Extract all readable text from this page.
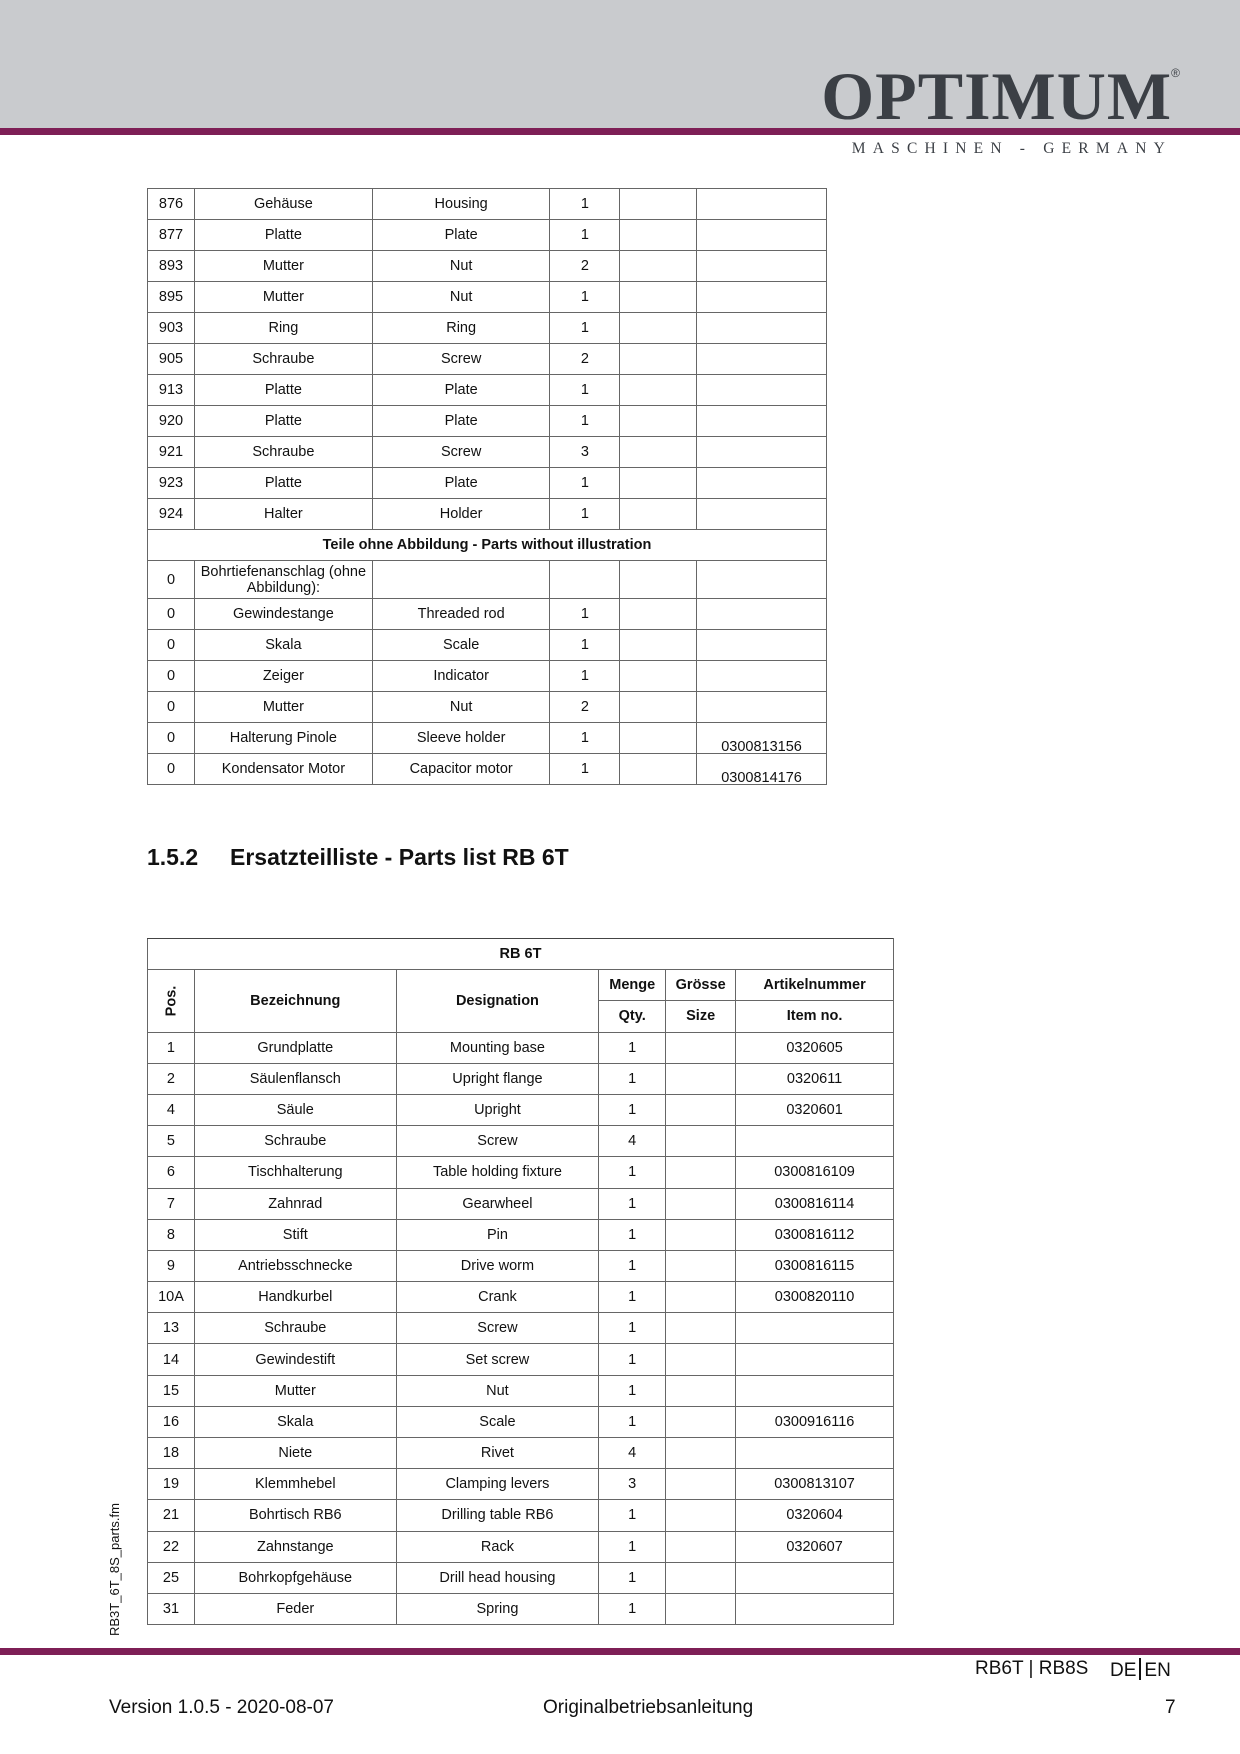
OPTIMUM ®
MASCHINEN - GERMANY
876	Gehäuse	Housing	1		
877	Platte	Plate	1		
893	Mutter	Nut	2		
895	Mutter	Nut	1		
903	Ring	Ring	1		
905	Schraube	Screw	2		
913	Platte	Plate	1		
920	Platte	Plate	1		
921	Schraube	Screw	3		
923	Platte	Plate	1		
924	Halter	Holder	1		
Teile ohne Abbildung - Parts without illustration					
0	Bohrtiefenanschlag (ohne Abbildung):				

0	Gewindestange	Threaded rod	1		

0	Skala	Scale	1		

0	Zeiger	Indicator	1		

0	Mutter	Nut	2		

0	Halterung Pinole	Sleeve holder	1		0300813156

0	Kondensator Motor	Capacitor motor	1		0300814176
1.5.2 Ersatzteilliste - Parts list RB 6T
RB 6T					
Pos.	Bezeichnung	Designation	Menge	Grösse	Artikelnummer
			Qty.	Size	Item no.
1	Grundplatte	Mounting base	1		0320605
2	Säulenflansch	Upright flange	1		0320611
4	Säule	Upright	1		0320601
5	Schraube	Screw	4		
6	Tischhalterung	Table holding fixture	1		0300816109
7	Zahnrad	Gearwheel	1		0300816114
8	Stift	Pin	1		0300816112
9	Antriebsschnecke	Drive worm	1		0300816115
10A	Handkurbel	Crank	1		0300820110
13	Schraube	Screw	1		
14	Gewindestift	Set screw	1		
15	Mutter	Nut	1		
16	Skala	Scale	1		0300916116
18	Niete	Rivet	4		
19	Klemmhebel	Clamping levers	3		0300813107
21	Bohrtisch RB6	Drilling table RB6	1		0320604
22	Zahnstange	Rack	1		0320607
25	Bohrkopfgehäuse	Drill head housing	1		
31	Feder	Spring	1		
RB3T_6T_8S_parts.fm
RB6T | RB8S DE EN
Version 1.0.5 - 2020-08-07	Originalbetriebsanleitung	7
